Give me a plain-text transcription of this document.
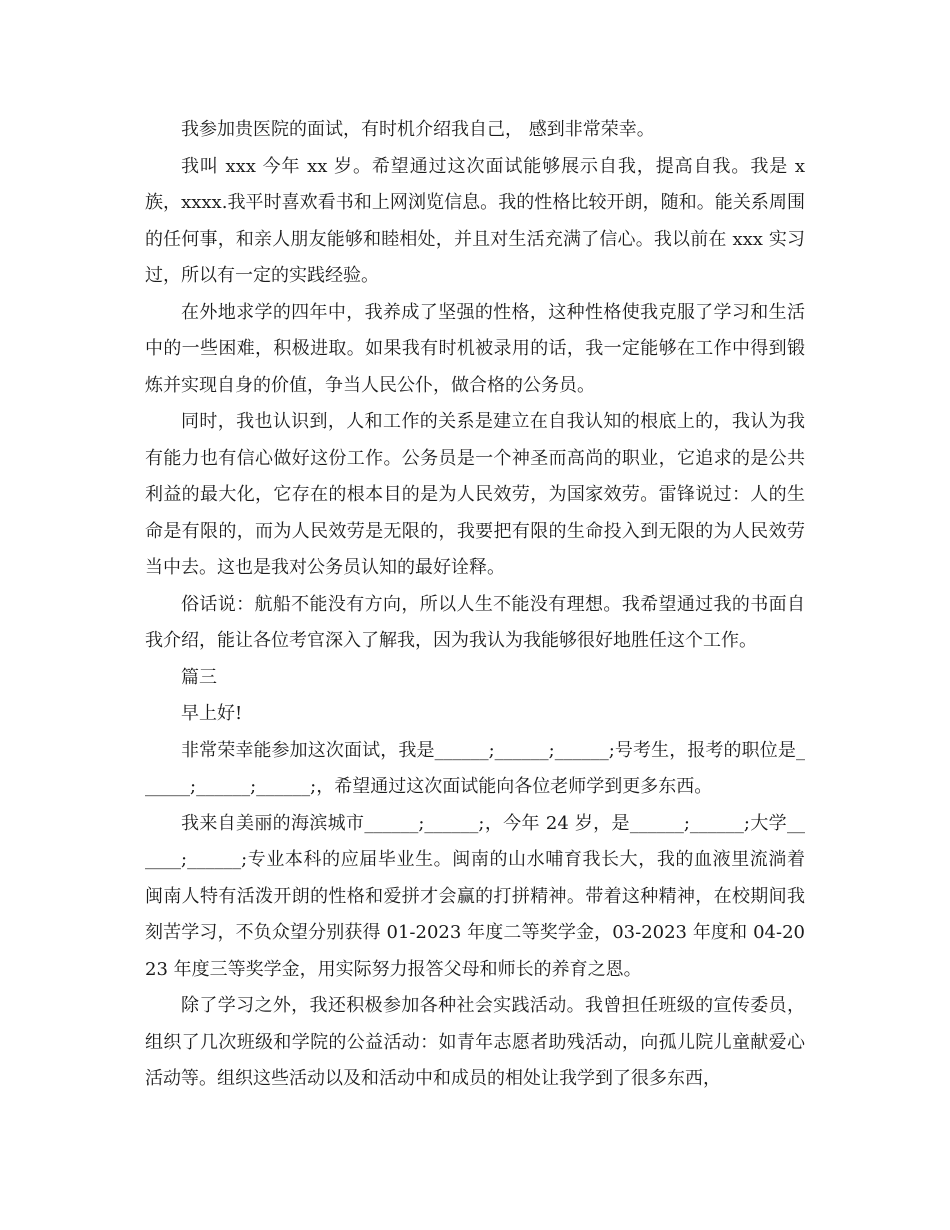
我参加贵医院的面试，有时机介绍我自己， 感到非常荣幸。

我叫 xxx 今年 xx 岁。希望通过这次面试能够展示自我，提高自我。我是 x 族，xxxx.我平时喜欢看书和上网浏览信息。我的性格比较开朗，随和。能关系周围的任何事，和亲人朋友能够和睦相处，并且对生活充满了信心。我以前在 xxx 实习过，所以有一定的实践经验。

在外地求学的四年中，我养成了坚强的性格，这种性格使我克服了学习和生活中的一些困难，积极进取。如果我有时机被录用的话，我一定能够在工作中得到锻炼并实现自身的价值，争当人民公仆，做合格的公务员。

同时，我也认识到，人和工作的关系是建立在自我认知的根底上的，我认为我有能力也有信心做好这份工作。公务员是一个神圣而高尚的职业，它追求的是公共利益的最大化，它存在的根本目的是为人民效劳，为国家效劳。雷锋说过：人的生命是有限的，而为人民效劳是无限的，我要把有限的生命投入到无限的为人民效劳当中去。这也是我对公务员认知的最好诠释。

俗话说：航船不能没有方向，所以人生不能没有理想。我希望通过我的书面自我介绍，能让各位考官深入了解我，因为我认为我能够很好地胜任这个工作。

篇三

早上好!

非常荣幸能参加这次面试，我是______;______;______;号考生，报考的职位是______;______;______;，希望通过这次面试能向各位老师学到更多东西。

我来自美丽的海滨城市______;______;，今年 24 岁，是______;______;大学______;______;专业本科的应届毕业生。闽南的山水哺育我长大，我的血液里流淌着闽南人特有活泼开朗的性格和爱拼才会赢的打拼精神。带着这种精神，在校期间我刻苦学习，不负众望分别获得 01-2023 年度二等奖学金，03-2023 年度和 04-2023 年度三等奖学金，用实际努力报答父母和师长的养育之恩。

除了学习之外，我还积极参加各种社会实践活动。我曾担任班级的宣传委员，组织了几次班级和学院的公益活动：如青年志愿者助残活动，向孤儿院儿童献爱心活动等。组织这些活动以及和活动中和成员的相处让我学到了很多东西，
